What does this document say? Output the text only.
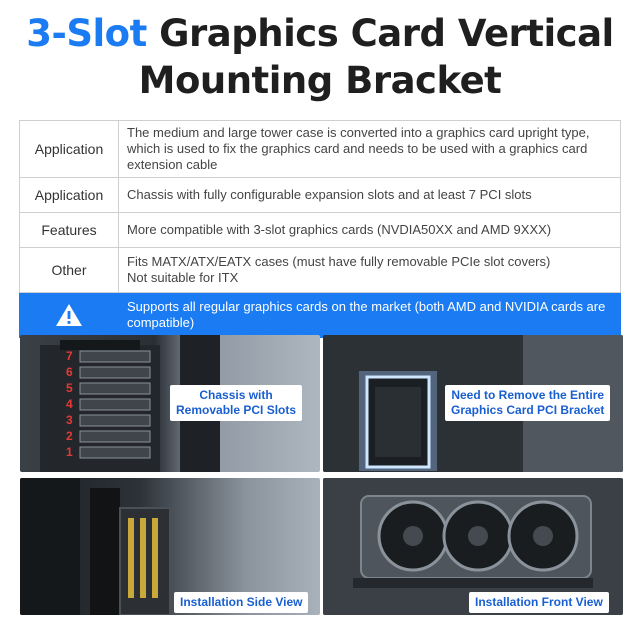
3-Slot Graphics Card Vertical
Mounting Bracket
Application	The medium and large tower case is converted into a graphics card upright type, which is used to fix the graphics card and needs to be used with a graphics card extension cable
Application	Chassis with fully configurable expansion slots and at least 7 PCI slots
Features	More compatible with 3-slot graphics cards (NVDIA50XX and AMD 9XXX)
Other	Fits MATX/ATX/EATX cases (must have fully removable PCIe slot covers)
Not suitable for ITX

	Supports all regular graphics cards on the market (both AMD and NVIDIA cards are compatible)
7
6
5
4
3
2
1
Chassis with
Removable PCI Slots
Need to Remove the Entire
Graphics Card PCI Bracket
Installation Side View	Installation Front View
